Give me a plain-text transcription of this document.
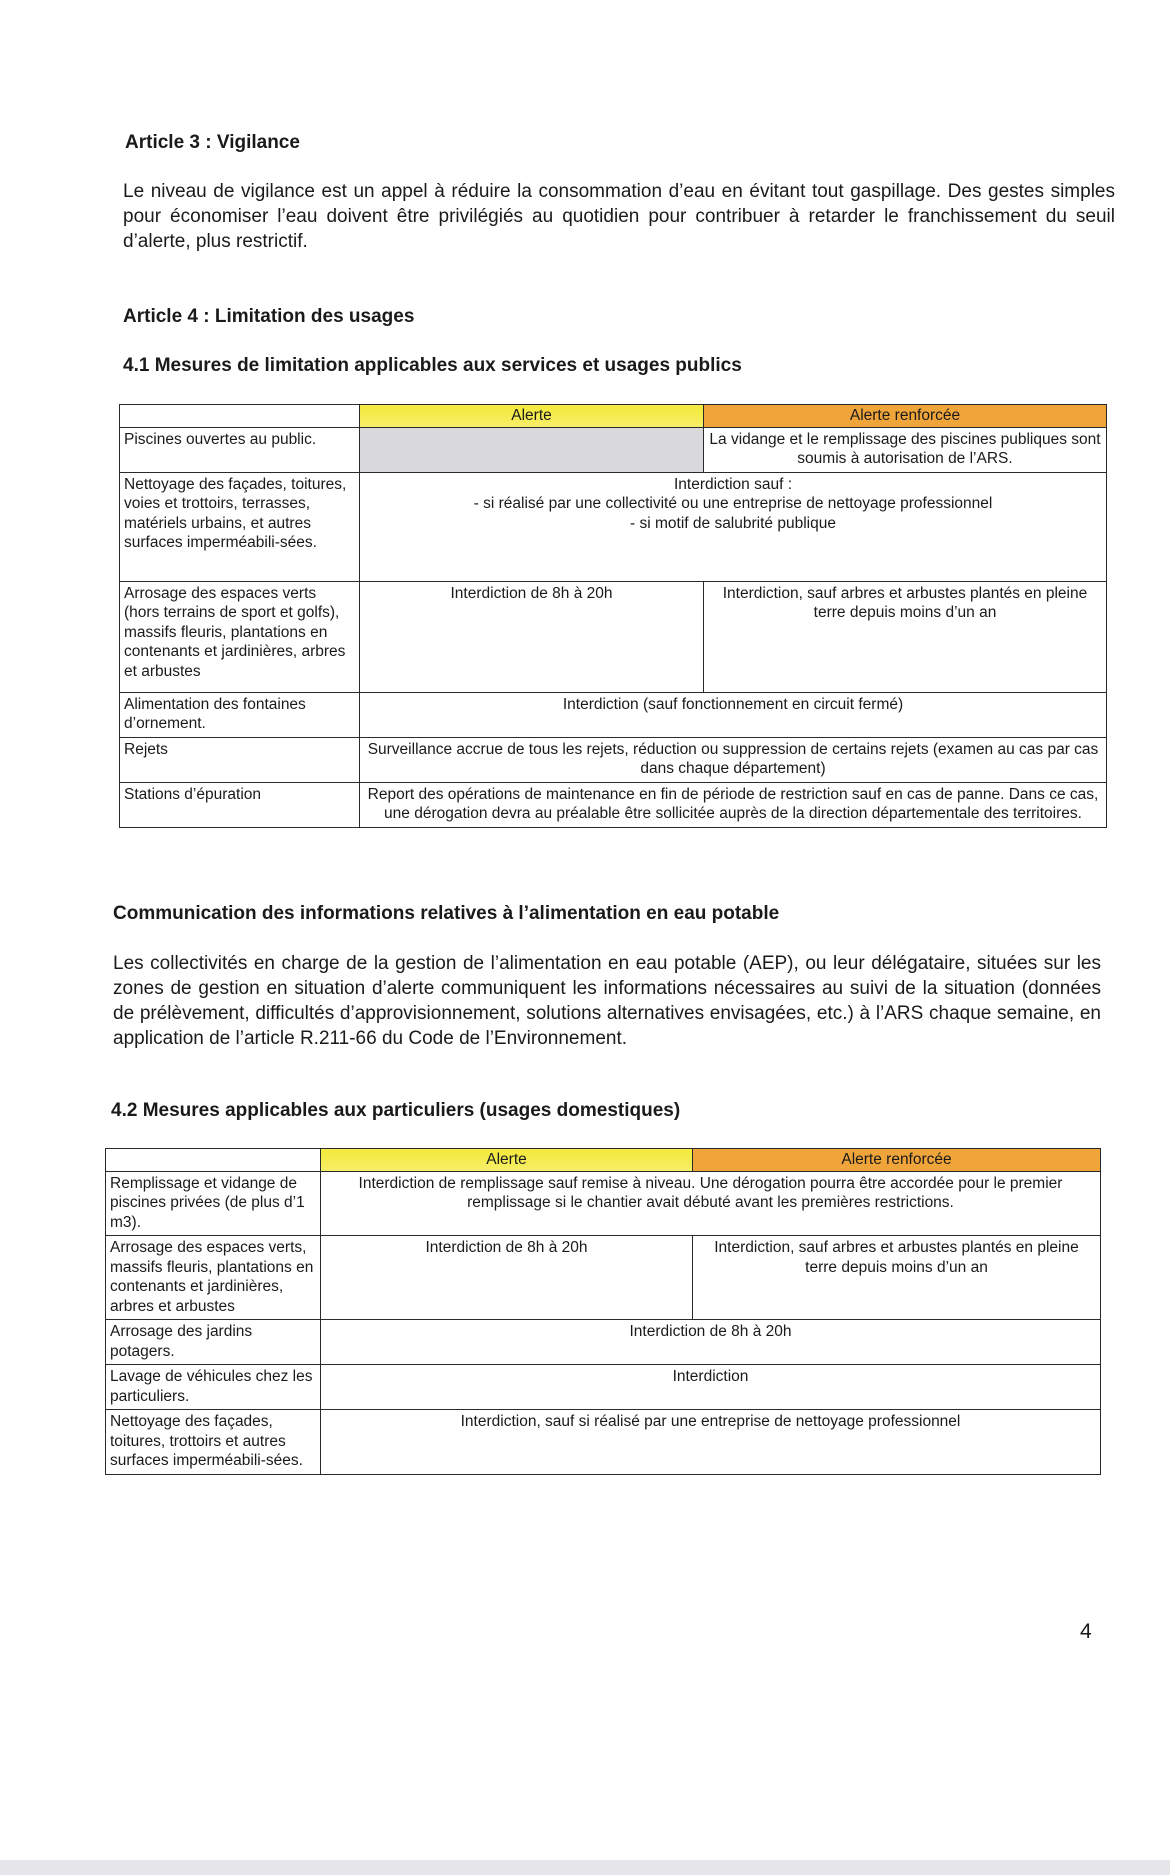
Article 3 : Vigilance

Le niveau de vigilance est un appel à réduire la consommation d’eau en évitant tout gaspillage. Des gestes simples pour économiser l’eau doivent être privilégiés au quotidien pour contribuer à retarder le franchissement du seuil d’alerte, plus restrictif.

Article 4 : Limitation des usages
4.1 Mesures de limitation applicables aux services et usages publics
	Alerte	Alerte renforcée
Piscines ouvertes au public.		La vidange et le remplissage des piscines publiques sont soumis à autorisation de l’ARS.
Nettoyage des façades, toitures, voies et trottoirs, terrasses, matériels urbains, et autres surfaces imperméabili-sées.	Interdiction sauf :
- si réalisé par une collectivité ou une entreprise de nettoyage professionnel
- si motif de salubrité publique	

Arrosage des espaces verts (hors terrains de sport et golfs), massifs fleuris, plantations en contenants et jardinières, arbres et arbustes	Interdiction de 8h à 20h	Interdiction, sauf arbres et arbustes plantés en pleine terre depuis moins d’un an
Alimentation des fontaines d’ornement.	Interdiction (sauf fonctionnement en circuit fermé)	
Rejets	Surveillance accrue de tous les rejets, réduction ou suppression de certains rejets (examen au cas par cas dans chaque département)	
Stations d’épuration	Report des opérations de maintenance en fin de période de restriction sauf en cas de panne. Dans ce cas, une dérogation devra au préalable être sollicitée auprès de la direction départementale des territoires.	
Communication des informations relatives à l’alimentation en eau potable

Les collectivités en charge de la gestion de l’alimentation en eau potable (AEP), ou leur délégataire, situées sur les zones de gestion en situation d’alerte communiquent les informations nécessaires au suivi de la situation (données de prélèvement, difficultés d’approvisionnement, solutions alternatives envisagées, etc.) à l’ARS chaque semaine, en application de l’article R.211-66 du Code de l’Environnement.

4.2 Mesures applicables aux particuliers (usages domestiques)
	Alerte	Alerte renforcée
Remplissage et vidange de piscines privées (de plus d’1 m3).	Interdiction de remplissage sauf remise à niveau. Une dérogation pourra être accordée pour le premier remplissage si le chantier avait débuté avant les premières restrictions.	
Arrosage des espaces verts, massifs fleuris, plantations en contenants et jardinières, arbres et arbustes	Interdiction de 8h à 20h	Interdiction, sauf arbres et arbustes plantés en pleine terre depuis moins d’un an
Arrosage des jardins potagers.	Interdiction de 8h à 20h	
Lavage de véhicules chez les particuliers.	Interdiction	
Nettoyage des façades, toitures, trottoirs et autres surfaces imperméabili-sées.	Interdiction, sauf si réalisé par une entreprise de nettoyage professionnel	
4
